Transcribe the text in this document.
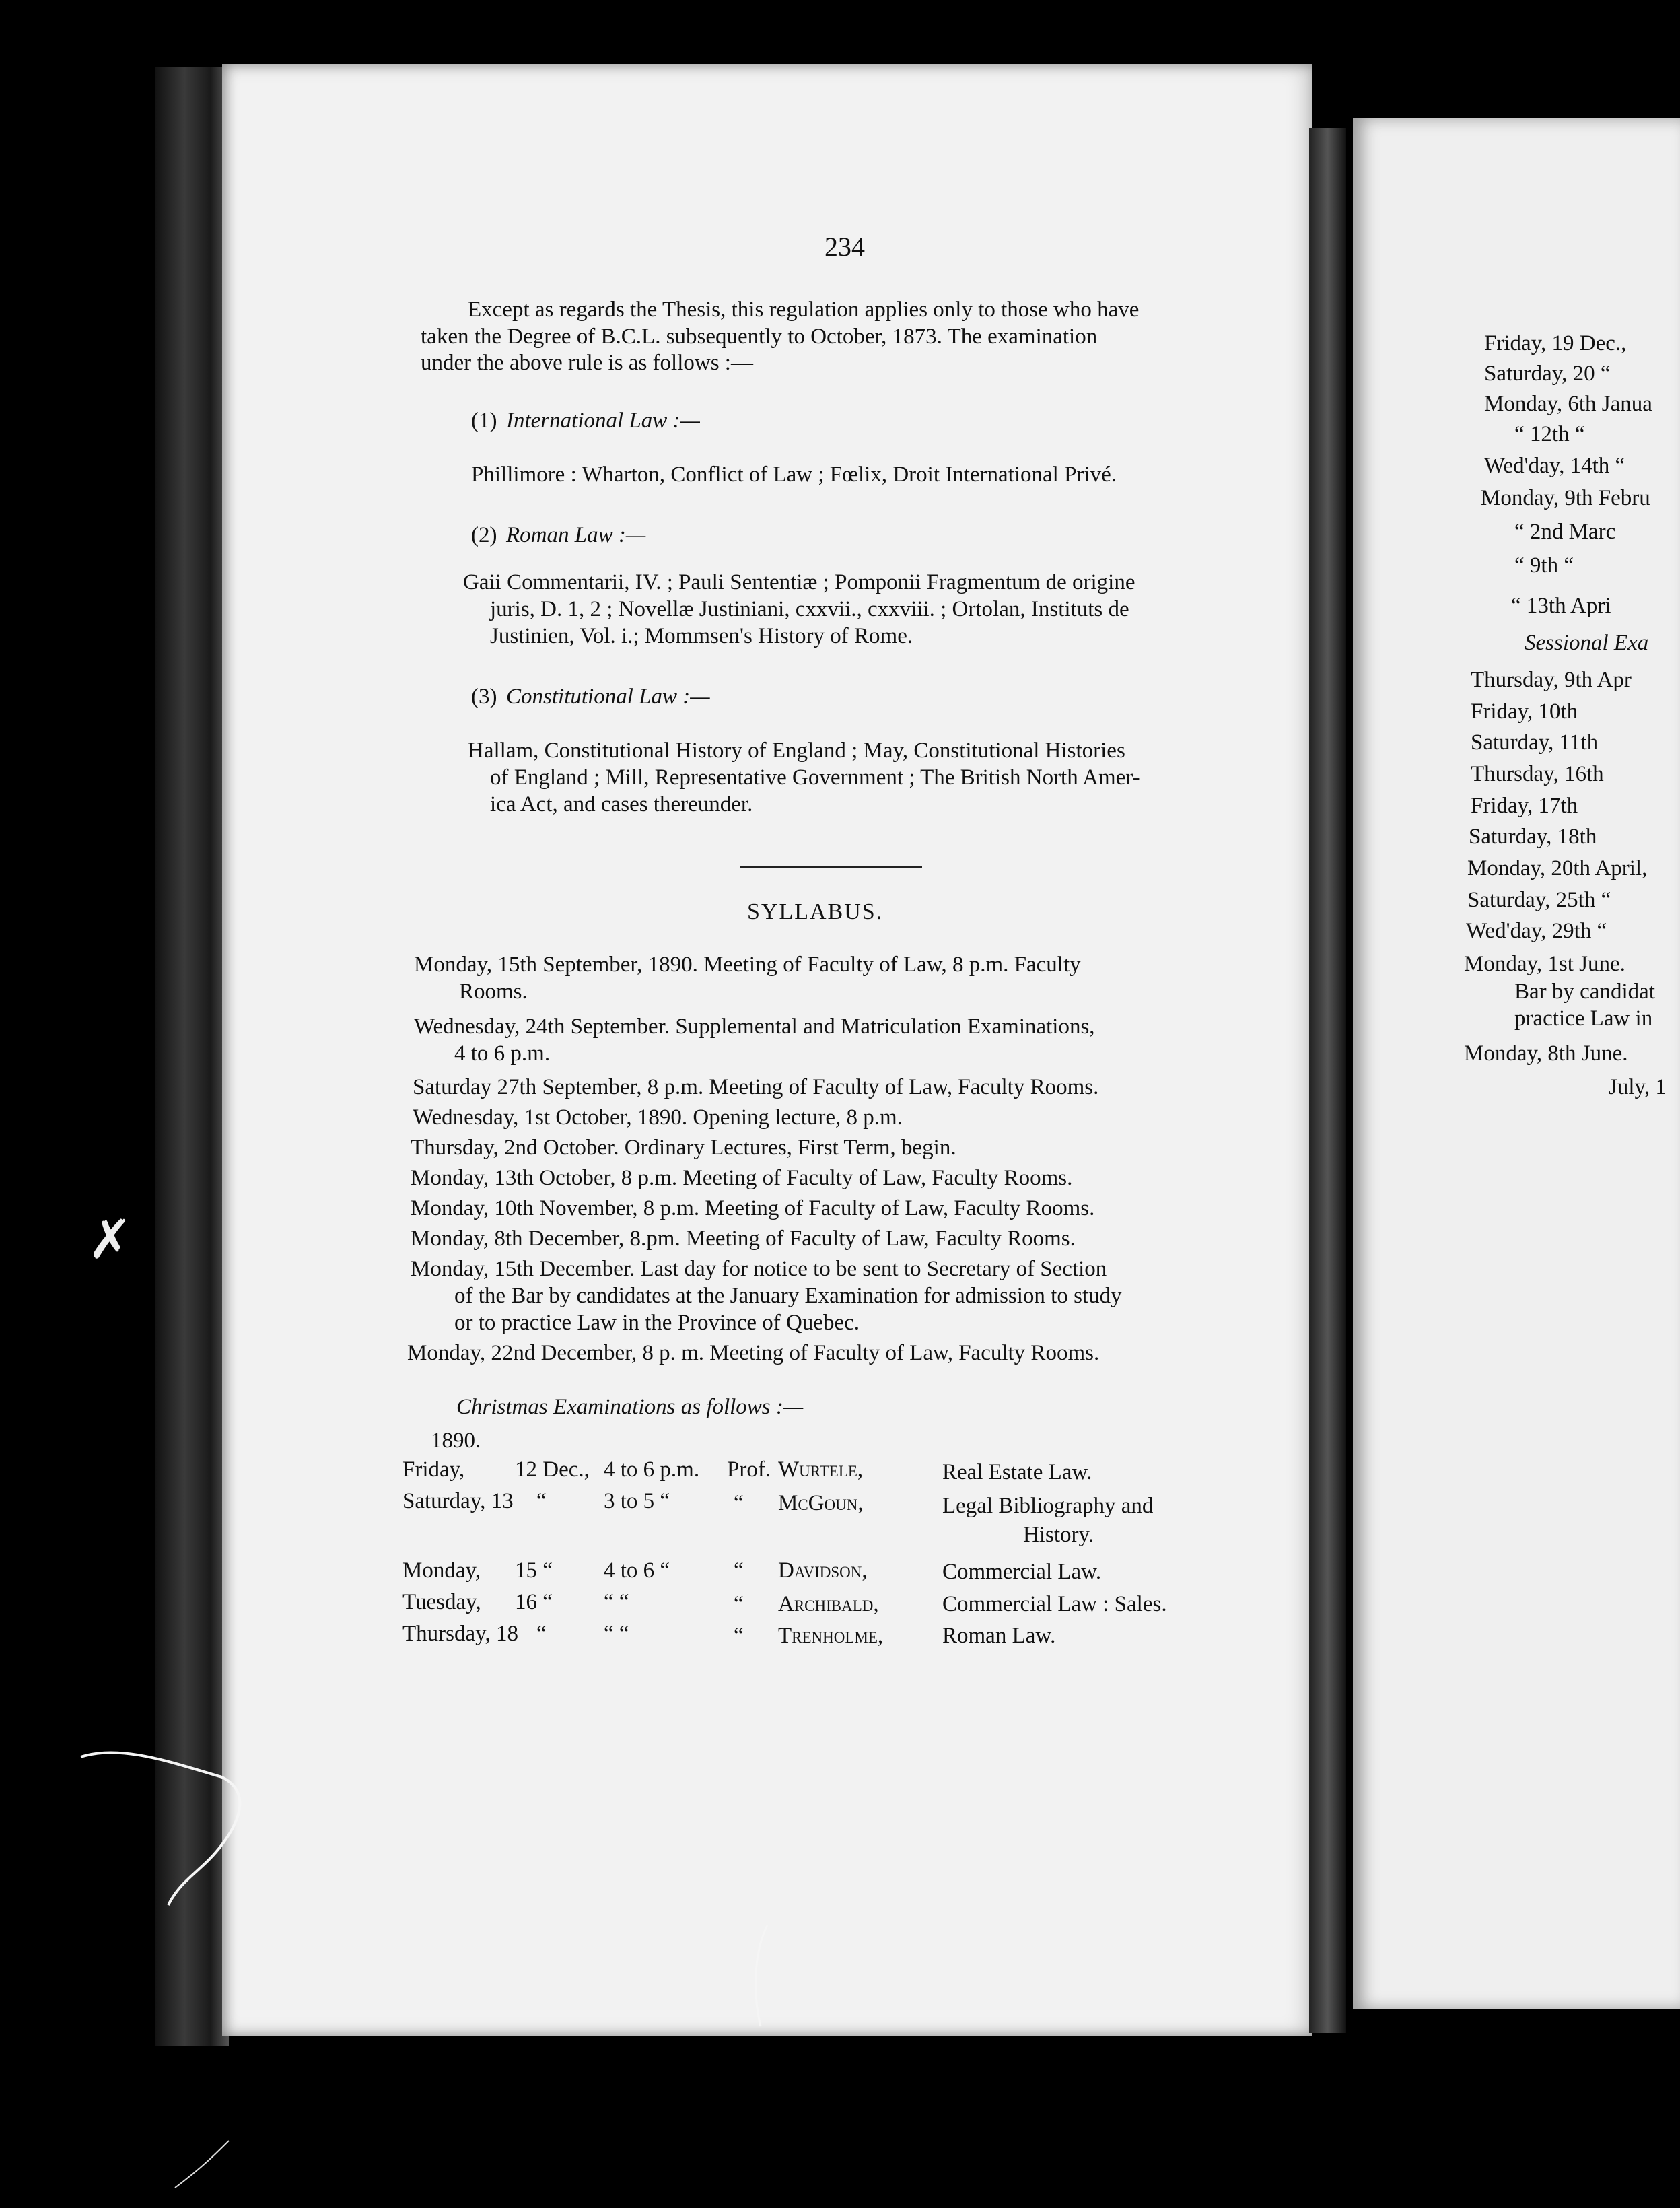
234
Except as regards the Thesis, this regulation applies only to those who have
taken the Degree of B.C.L. subsequently to October, 1873. The examination
under the above rule is as follows :—
(1) International Law :—
Phillimore : Wharton, Conflict of Law ; Fœlix, Droit International Privé.
(2) Roman Law :—
Gaii Commentarii, IV. ; Pauli Sententiæ ; Pomponii Fragmentum de origine
juris, D. 1, 2 ; Novellæ Justiniani, cxxvii., cxxviii. ; Ortolan, Instituts de
Justinien, Vol. i.; Mommsen's History of Rome.
(3) Constitutional Law :—
Hallam, Constitutional History of England ; May, Constitutional Histories
of England ; Mill, Representative Government ; The British North Amer-
ica Act, and cases thereunder.
SYLLABUS.
Monday, 15th September, 1890. Meeting of Faculty of Law, 8 p.m. Faculty
Rooms.
Wednesday, 24th September. Supplemental and Matriculation Examinations,
4 to 6 p.m.
Saturday 27th September, 8 p.m. Meeting of Faculty of Law, Faculty Rooms.
Wednesday, 1st October, 1890. Opening lecture, 8 p.m.
Thursday, 2nd October. Ordinary Lectures, First Term, begin.
Monday, 13th October, 8 p.m. Meeting of Faculty of Law, Faculty Rooms.
Monday, 10th November, 8 p.m. Meeting of Faculty of Law, Faculty Rooms.
Monday, 8th December, 8.pm. Meeting of Faculty of Law, Faculty Rooms.
Monday, 15th December. Last day for notice to be sent to Secretary of Section
of the Bar by candidates at the January Examination for admission to study
or to practice Law in the Province of Quebec.
Monday, 22nd December, 8 p. m. Meeting of Faculty of Law, Faculty Rooms.
Christmas Examinations as follows :—
1890.
Friday, 12 Dec., 4 to 6 p.m. Prof. Wurtele,	Real Estate Law.
Saturday, 13 “	3 to 5 “	“ McGoun,	Legal Bibliography and
History.
Monday, 15 “ 4 to 6 “	“ Davidson,	Commercial Law.
Tuesday, 16 “ “ “	“ Archibald,	Commercial Law : Sales.
Thursday, 18 “	“ “	“ Trenholme,	Roman Law.
Friday, 19 Dec.,
Saturday, 20 “
Monday, 6th Janua
“ 12th “
Wed'day, 14th “
Monday, 9th Febru
“ 2nd Marc
“ 9th “
“ 13th Apri
Sessional Exa
Thursday, 9th Apr
Friday, 10th
Saturday, 11th
Thursday, 16th
Friday, 17th
Saturday, 18th
Monday, 20th April,
Saturday, 25th “
Wed'day, 29th “
Monday, 1st June.
Bar by candidat
practice Law in
Monday, 8th June.
July, 1
✗
